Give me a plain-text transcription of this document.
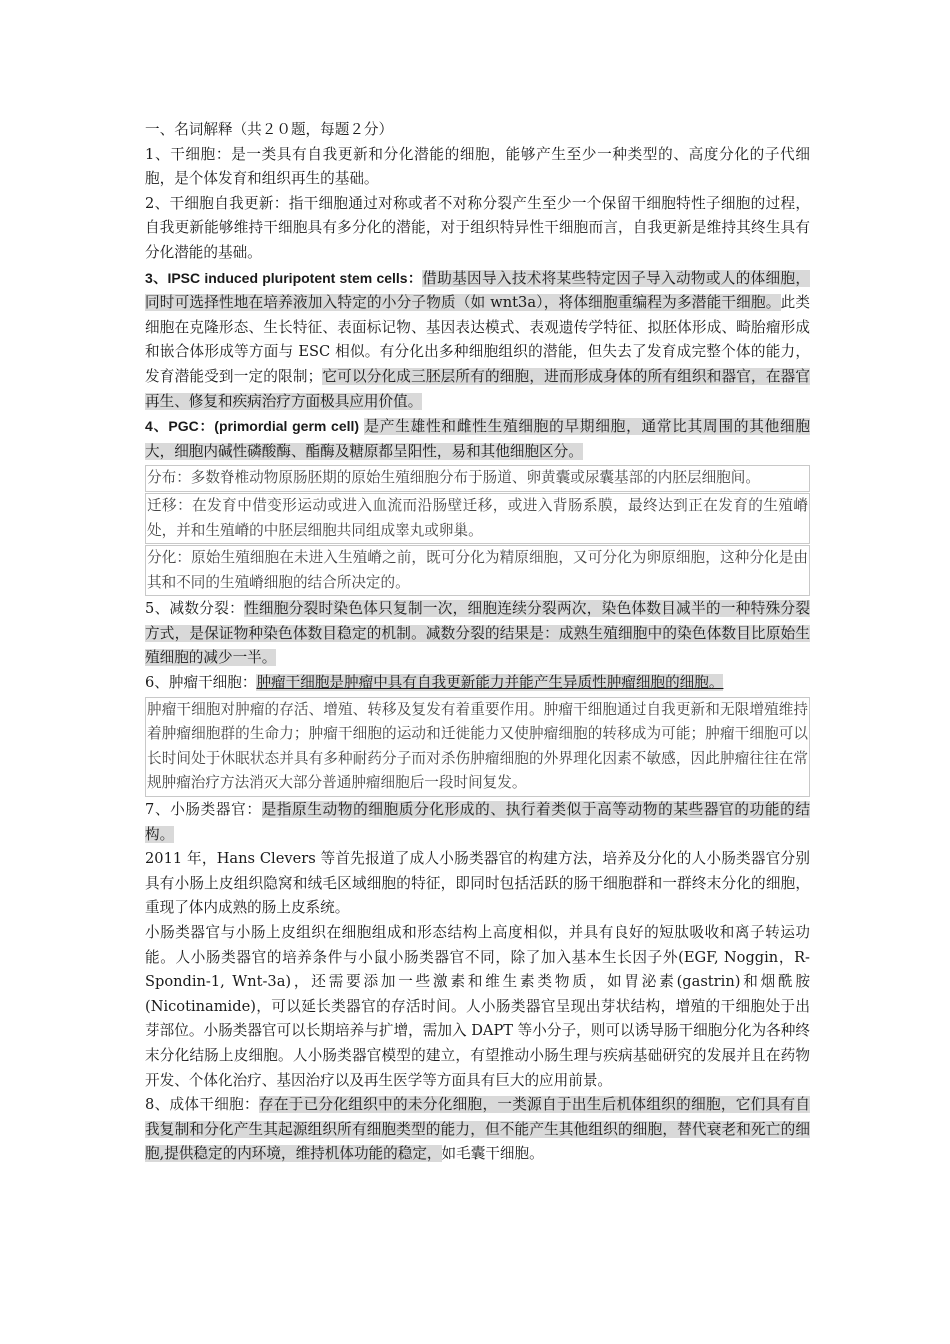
一、名词解释（共２０题，每题２分）

1、干细胞：是一类具有自我更新和分化潜能的细胞，能够产生至少一种类型的、高度分化的子代细胞，是个体发育和组织再生的基础。

2、干细胞自我更新：指干细胞通过对称或者不对称分裂产生至少一个保留干细胞特性子细胞的过程，自我更新能够维持干细胞具有多分化的潜能，对于组织特异性干细胞而言，自我更新是维持其终生具有分化潜能的基础。

3、IPSC induced pluripotent stem cells：借助基因导入技术将某些特定因子导入动物或人的体细胞，同时可选择性地在培养液加入特定的小分子物质（如 wnt3a），将体细胞重编程为多潜能干细胞。此类细胞在克隆形态、生长特征、表面标记物、基因表达模式、表观遗传学特征、拟胚体形成、畸胎瘤形成和嵌合体形成等方面与 ESC 相似。有分化出多种细胞组织的潜能，但失去了发育成完整个体的能力，发育潜能受到一定的限制；它可以分化成三胚层所有的细胞，进而形成身体的所有组织和器官，在器官再生、修复和疾病治疗方面极具应用价值。

4、PGC：(primordial germ cell) 是产生雄性和雌性生殖细胞的早期细胞，通常比其周围的其他细胞大，细胞内碱性磷酸酶、酯酶及糖原都呈阳性，易和其他细胞区分。

分布：多数脊椎动物原肠胚期的原始生殖细胞分布于肠道、卵黄囊或尿囊基部的内胚层细胞间。
迁移：在发育中借变形运动或进入血流而沿肠壁迁移，或进入背肠系膜，最终达到正在发育的生殖嵴处，并和生殖嵴的中胚层细胞共同组成睾丸或卵巢。
分化：原始生殖细胞在未进入生殖嵴之前，既可分化为精原细胞，又可分化为卵原细胞，这种分化是由其和不同的生殖嵴细胞的结合所决定的。

5、减数分裂：性细胞分裂时染色体只复制一次，细胞连续分裂两次，染色体数目减半的一种特殊分裂方式，是保证物种染色体数目稳定的机制。减数分裂的结果是：成熟生殖细胞中的染色体数目比原始生殖细胞的减少一半。

6、肿瘤干细胞：肿瘤干细胞是肿瘤中具有自我更新能力并能产生异质性肿瘤细胞的细胞。

肿瘤干细胞对肿瘤的存活、增殖、转移及复发有着重要作用。肿瘤干细胞通过自我更新和无限增殖维持着肿瘤细胞群的生命力；肿瘤干细胞的运动和迁徙能力又使肿瘤细胞的转移成为可能；肿瘤干细胞可以长时间处于休眠状态并具有多种耐药分子而对杀伤肿瘤细胞的外界理化因素不敏感，因此肿瘤往往在常规肿瘤治疗方法消灭大部分普通肿瘤细胞后一段时间复发。

7、小肠类器官：是指原生动物的细胞质分化形成的、执行着类似于高等动物的某些器官的功能的结构。

2011 年，Hans Clevers 等首先报道了成人小肠类器官的构建方法，培养及分化的人小肠类器官分别具有小肠上皮组织隐窝和绒毛区域细胞的特征，即同时包括活跃的肠干细胞群和一群终末分化的细胞，重现了体内成熟的肠上皮系统。

小肠类器官与小肠上皮组织在细胞组成和形态结构上高度相似，并具有良好的短肽吸收和离子转运功能。人小肠类器官的培养条件与小鼠小肠类器官不同，除了加入基本生长因子外(EGF, Noggin，R-Spondin-1, Wnt-3a)，还需要添加一些激素和维生素类物质，如胃泌素(gastrin)和烟酰胺(Nicotinamide)，可以延长类器官的存活时间。人小肠类器官呈现出芽状结构，增殖的干细胞处于出芽部位。小肠类器官可以长期培养与扩增，需加入 DAPT 等小分子，则可以诱导肠干细胞分化为各种终末分化结肠上皮细胞。人小肠类器官模型的建立，有望推动小肠生理与疾病基础研究的发展并且在药物开发、个体化治疗、基因治疗以及再生医学等方面具有巨大的应用前景。

8、成体干细胞：存在于已分化组织中的未分化细胞，一类源自于出生后机体组织的细胞，它们具有自我复制和分化产生其起源组织所有细胞类型的能力，但不能产生其他组织的细胞，替代衰老和死亡的细胞,提供稳定的内环境，维持机体功能的稳定，如毛囊干细胞。
